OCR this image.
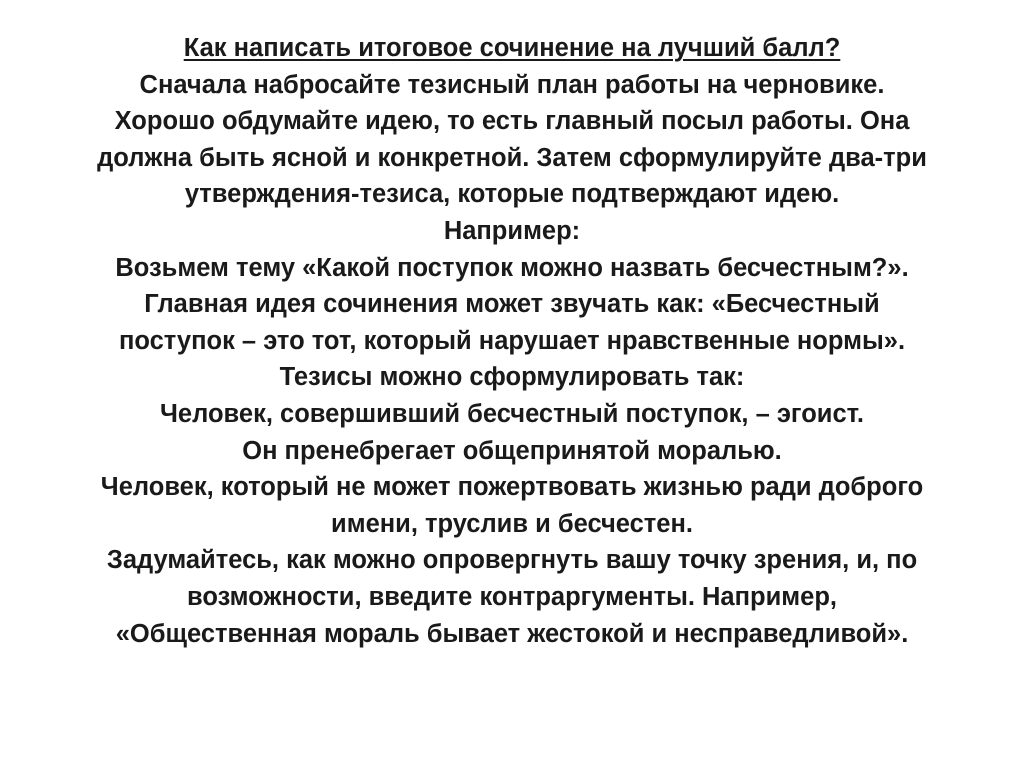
Как написать итоговое сочинение на лучший балл?
Сначала набросайте тезисный план работы на черновике.
Хорошо обдумайте идею, то есть главный посыл работы. Она
должна быть ясной и конкретной. Затем сформулируйте два-три
утверждения-тезиса, которые подтверждают идею.
Например:
Возьмем тему «Какой поступок можно назвать бесчестным?».
Главная идея сочинения может звучать как: «Бесчестный
поступок – это тот, который нарушает нравственные нормы».
Тезисы можно сформулировать так:
Человек, совершивший бесчестный поступок, – эгоист.
Он пренебрегает общепринятой моралью.
Человек, который не может пожертвовать жизнью ради доброго
имени, труслив и бесчестен.
Задумайтесь, как можно опровергнуть вашу точку зрения, и, по
возможности, введите контраргументы. Например,
«Общественная мораль бывает жестокой и несправедливой».
